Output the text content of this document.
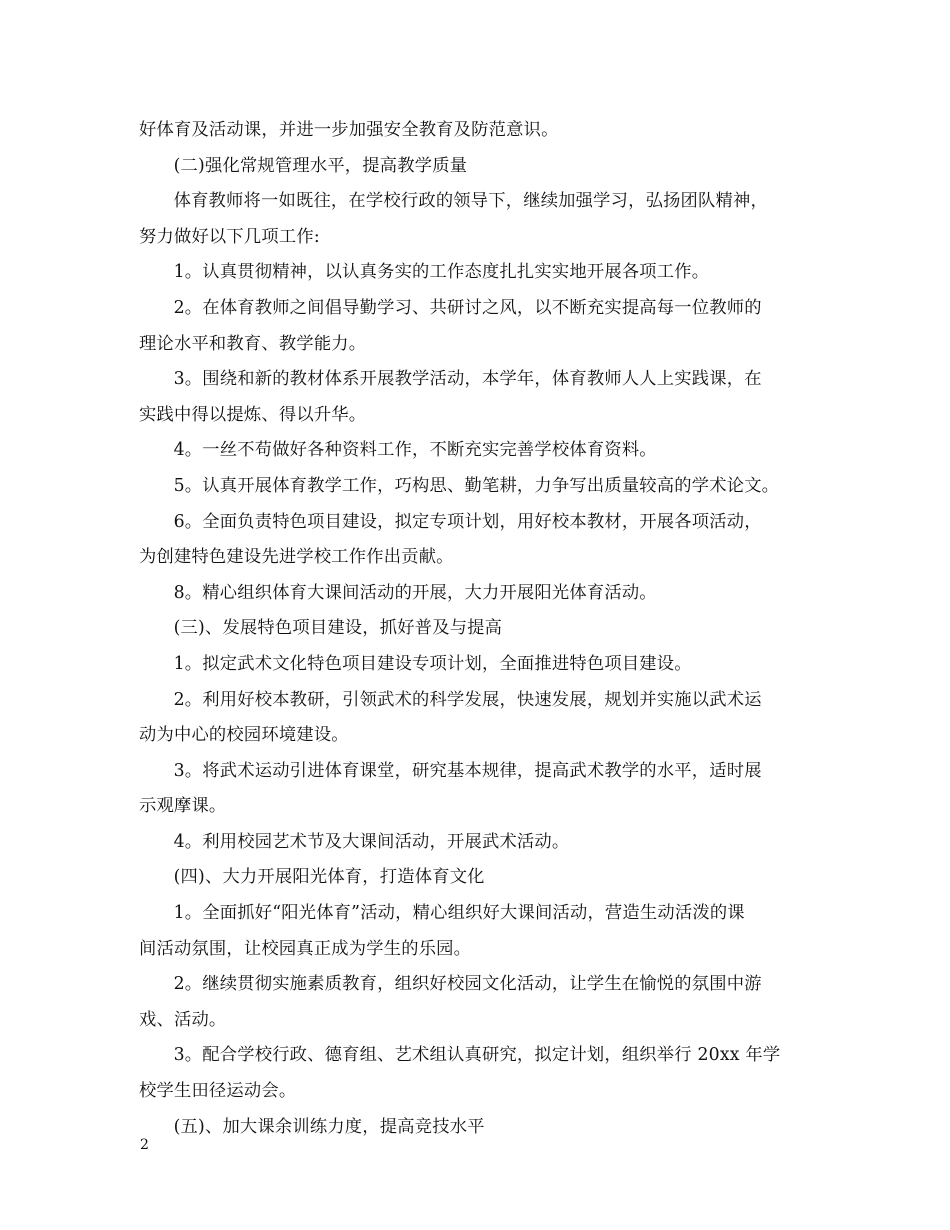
好体育及活动课，并进一步加强安全教育及防范意识。

(二)强化常规管理水平，提高教学质量

体育教师将一如既往，在学校行政的领导下，继续加强学习，弘扬团队精神，

努力做好以下几项工作:

1。认真贯彻精神，以认真务实的工作态度扎扎实实地开展各项工作。

2。在体育教师之间倡导勤学习、共研讨之风，以不断充实提高每一位教师的

理论水平和教育、教学能力。

3。围绕和新的教材体系开展教学活动，本学年，体育教师人人上实践课，在

实践中得以提炼、得以升华。

4。一丝不苟做好各种资料工作，不断充实完善学校体育资料。

5。认真开展体育教学工作，巧构思、勤笔耕，力争写出质量较高的学术论文。

6。全面负责特色项目建设，拟定专项计划，用好校本教材，开展各项活动，

为创建特色建设先进学校工作作出贡献。

8。精心组织体育大课间活动的开展，大力开展阳光体育活动。

(三)、发展特色项目建设，抓好普及与提高

1。拟定武术文化特色项目建设专项计划，全面推进特色项目建设。

2。利用好校本教研，引领武术的科学发展，快速发展，规划并实施以武术运

动为中心的校园环境建设。

3。将武术运动引进体育课堂，研究基本规律，提高武术教学的水平，适时展

示观摩课。

4。利用校园艺术节及大课间活动，开展武术活动。

(四)、大力开展阳光体育，打造体育文化

1。全面抓好“阳光体育”活动，精心组织好大课间活动，营造生动活泼的课

间活动氛围，让校园真正成为学生的乐园。

2。继续贯彻实施素质教育，组织好校园文化活动，让学生在愉悦的氛围中游

戏、活动。

3。配合学校行政、德育组、艺术组认真研究，拟定计划，组织举行 20xx 年学

校学生田径运动会。

(五)、加大课余训练力度，提高竞技水平

2
